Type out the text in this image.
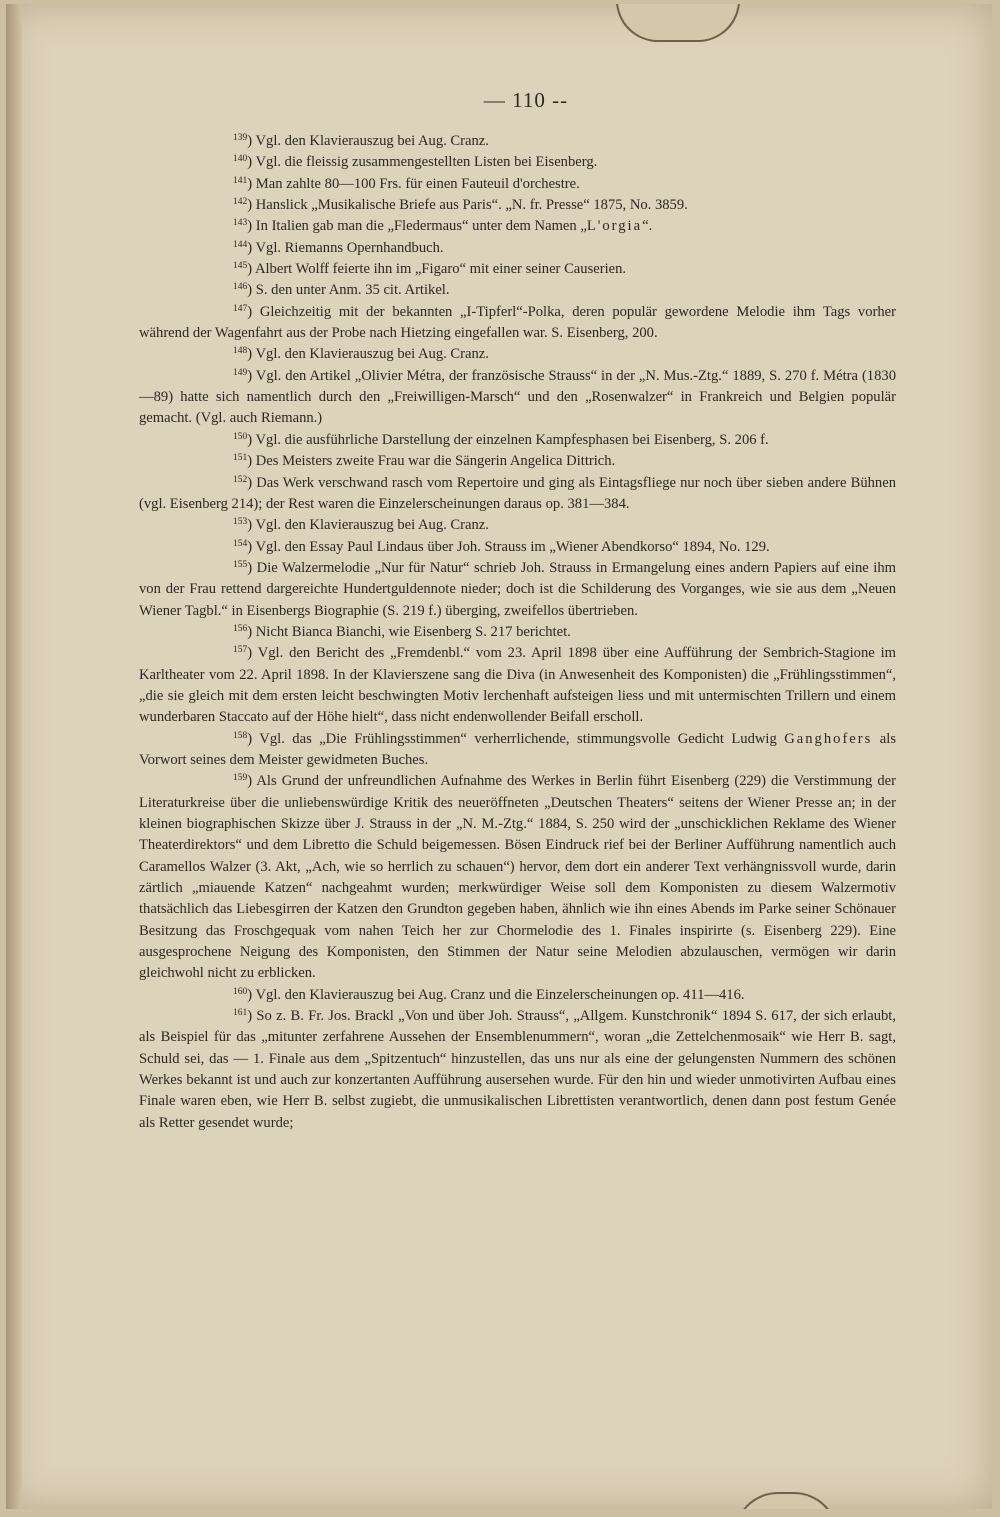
— 110 --

$^{139}$) Vgl. den Klavierauszug bei Aug. Cranz.

$^{140}$) Vgl. die fleissig zusammengestellten Listen bei Eisenberg.

$^{141}$) Man zahlte 80—100 Frs. für einen Fauteuil d'orchestre.

$^{142}$) Hanslick „Musikalische Briefe aus Paris“. „N. fr. Presse“ 1875, No. 3859.

$^{143}$) In Italien gab man die „Fledermaus“ unter dem Namen „L'orgia“.

$^{144}$) Vgl. Riemanns Opernhandbuch.

$^{145}$) Albert Wolff feierte ihn im „Figaro“ mit einer seiner Causerien.

$^{146}$) S. den unter Anm. 35 cit. Artikel.

$^{147}$) Gleichzeitig mit der bekannten „I-Tipferl“-Polka, deren populär gewordene Melodie ihm Tags vorher während der Wagenfahrt aus der Probe nach Hietzing eingefallen war. S. Eisenberg, 200.

$^{148}$) Vgl. den Klavierauszug bei Aug. Cranz.

$^{149}$) Vgl. den Artikel „Olivier Métra, der französische Strauss“ in der „N. Mus.-Ztg.“ 1889, S. 270 f. Métra (1830—89) hatte sich namentlich durch den „Freiwilligen-Marsch“ und den „Rosenwalzer“ in Frankreich und Belgien populär gemacht. (Vgl. auch Riemann.)

$^{150}$) Vgl. die ausführliche Darstellung der einzelnen Kampfesphasen bei Eisenberg, S. 206 f.

$^{151}$) Des Meisters zweite Frau war die Sängerin Angelica Dittrich.

$^{152}$) Das Werk verschwand rasch vom Repertoire und ging als Eintagsfliege nur noch über sieben andere Bühnen (vgl. Eisenberg 214); der Rest waren die Einzelerscheinungen daraus op. 381—384.

$^{153}$) Vgl. den Klavierauszug bei Aug. Cranz.

$^{154}$) Vgl. den Essay Paul Lindaus über Joh. Strauss im „Wiener Abendkorso“ 1894, No. 129.

$^{155}$) Die Walzermelodie „Nur für Natur“ schrieb Joh. Strauss in Ermangelung eines andern Papiers auf eine ihm von der Frau rettend dargereichte Hundertguldennote nieder; doch ist die Schilderung des Vorganges, wie sie aus dem „Neuen Wiener Tagbl.“ in Eisenbergs Biographie (S. 219 f.) überging, zweifellos übertrieben.

$^{156}$) Nicht Bianca Bianchi, wie Eisenberg S. 217 berichtet.

$^{157}$) Vgl. den Bericht des „Fremdenbl.“ vom 23. April 1898 über eine Aufführung der Sembrich-Stagione im Karltheater vom 22. April 1898. In der Klavierszene sang die Diva (in Anwesenheit des Komponisten) die „Frühlingsstimmen“, „die sie gleich mit dem ersten leicht beschwingten Motiv lerchenhaft aufsteigen liess und mit untermischten Trillern und einem wunderbaren Staccato auf der Höhe hielt“, dass nicht endenwollender Beifall erscholl.

$^{158}$) Vgl. das „Die Frühlingsstimmen“ verherrlichende, stimmungsvolle Gedicht Ludwig Ganghofers als Vorwort seines dem Meister gewidmeten Buches.

$^{159}$) Als Grund der unfreundlichen Aufnahme des Werkes in Berlin führt Eisenberg (229) die Verstimmung der Literaturkreise über die unliebenswürdige Kritik des neueröffneten „Deutschen Theaters“ seitens der Wiener Presse an; in der kleinen biographischen Skizze über J. Strauss in der „N. M.-Ztg.“ 1884, S. 250 wird der „unschicklichen Reklame des Wiener Theaterdirektors“ und dem Libretto die Schuld beigemessen. Bösen Eindruck rief bei der Berliner Aufführung namentlich auch Caramellos Walzer (3. Akt, „Ach, wie so herrlich zu schauen“) hervor, dem dort ein anderer Text verhängnissvoll wurde, darin zärtlich „miauende Katzen“ nachgeahmt wurden; merkwürdiger Weise soll dem Komponisten zu diesem Walzermotiv thatsächlich das Liebesgirren der Katzen den Grundton gegeben haben, ähnlich wie ihn eines Abends im Parke seiner Schönauer Besitzung das Froschgequak vom nahen Teich her zur Chormelodie des 1. Finales inspirirte (s. Eisenberg 229). Eine ausgesprochene Neigung des Komponisten, den Stimmen der Natur seine Melodien abzulauschen, vermögen wir darin gleichwohl nicht zu erblicken.

$^{160}$) Vgl. den Klavierauszug bei Aug. Cranz und die Einzelerscheinungen op. 411—416.

$^{161}$) So z. B. Fr. Jos. Brackl „Von und über Joh. Strauss“, „Allgem. Kunstchronik“ 1894 S. 617, der sich erlaubt, als Beispiel für das „mitunter zerfahrene Aussehen der Ensemblenummern“, woran „die Zettelchenmosaik“ wie Herr B. sagt, Schuld sei, das — 1. Finale aus dem „Spitzentuch“ hinzustellen, das uns nur als eine der gelungensten Nummern des schönen Werkes bekannt ist und auch zur konzertanten Aufführung ausersehen wurde. Für den hin und wieder unmotivirten Aufbau eines Finale waren eben, wie Herr B. selbst zugiebt, die unmusikalischen Librettisten verantwortlich, denen dann post festum Genée als Retter gesendet wurde;
